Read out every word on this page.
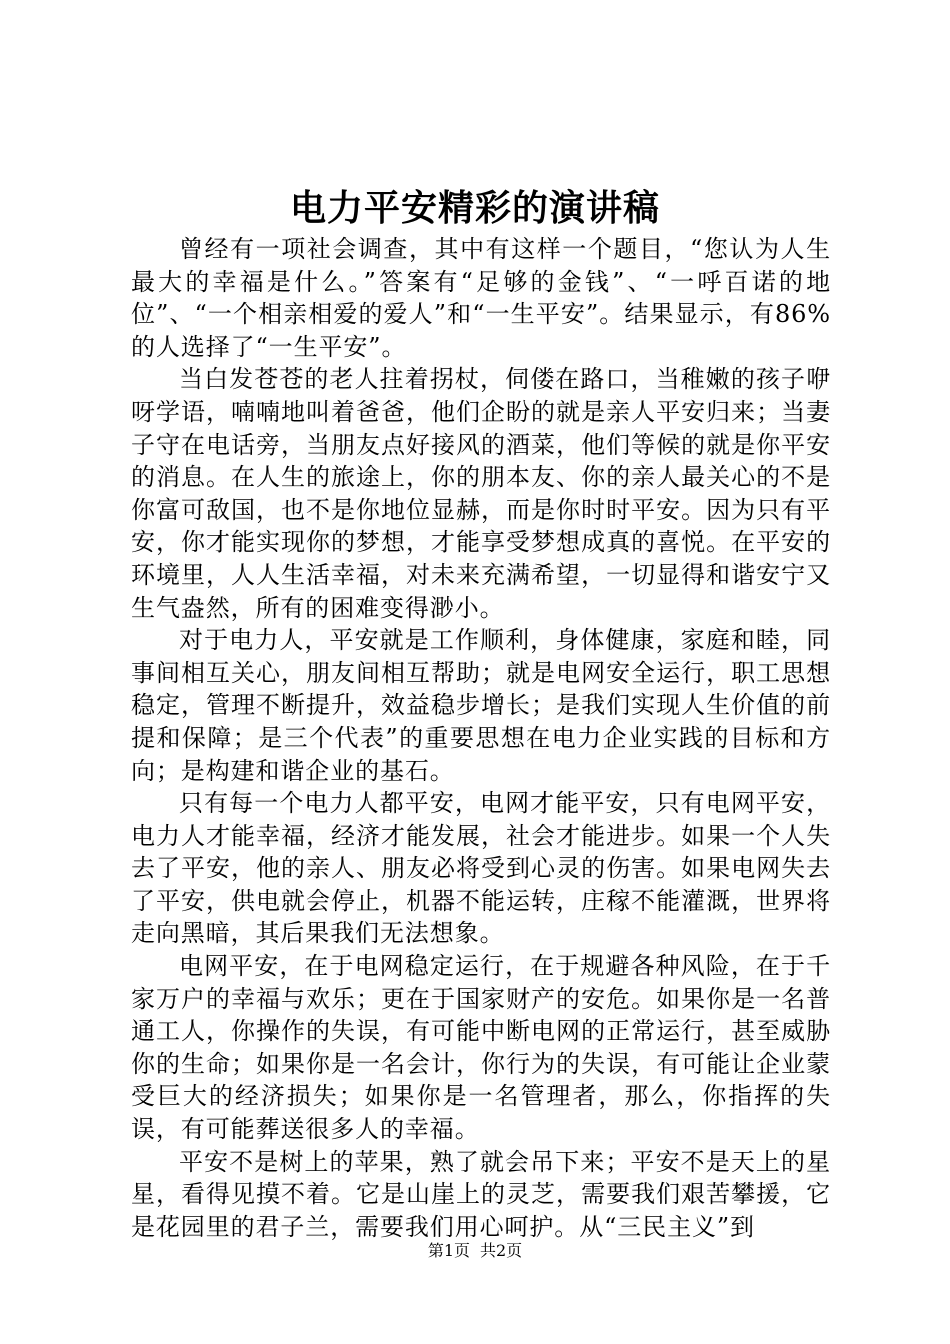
电力平安精彩的演讲稿

曾经有一项社会调查，其中有这样一个题目，“您认为人生最大的幸福是什么。”答案有“足够的金钱”、“一呼百诺的地位”、“一个相亲相爱的爱人”和“一生平安”。结果显示，有86%的人选择了“一生平安”。

当白发苍苍的老人拄着拐杖，伺偻在路口，当稚嫩的孩子咿呀学语，喃喃地叫着爸爸，他们企盼的就是亲人平安归来；当妻子守在电话旁，当朋友点好接风的酒菜，他们等候的就是你平安的消息。在人生的旅途上，你的朋本友、你的亲人最关心的不是你富可敌国，也不是你地位显赫，而是你时时平安。因为只有平安，你才能实现你的梦想，才能享受梦想成真的喜悦。在平安的环境里，人人生活幸福，对未来充满希望，一切显得和谐安宁又生气盎然，所有的困难变得渺小。

对于电力人，平安就是工作顺利，身体健康，家庭和睦，同事间相互关心，朋友间相互帮助；就是电网安全运行，职工思想稳定，管理不断提升，效益稳步增长；是我们实现人生价值的前提和保障；是三个代表”的重要思想在电力企业实践的目标和方向；是构建和谐企业的基石。

只有每一个电力人都平安，电网才能平安，只有电网平安，电力人才能幸福，经济才能发展，社会才能进步。如果一个人失去了平安，他的亲人、朋友必将受到心灵的伤害。如果电网失去了平安，供电就会停止，机器不能运转，庄稼不能灌溉，世界将走向黑暗，其后果我们无法想象。

电网平安，在于电网稳定运行，在于规避各种风险，在于千家万户的幸福与欢乐；更在于国家财产的安危。如果你是一名普通工人，你操作的失误，有可能中断电网的正常运行，甚至威胁你的生命；如果你是一名会计，你行为的失误，有可能让企业蒙受巨大的经济损失；如果你是一名管理者，那么，你指挥的失误，有可能葬送很多人的幸福。

平安不是树上的苹果，熟了就会吊下来；平安不是天上的星星，看得见摸不着。它是山崖上的灵芝，需要我们艰苦攀援，它是花园里的君子兰，需要我们用心呵护。从“三民主义”到

第1页 共2页
